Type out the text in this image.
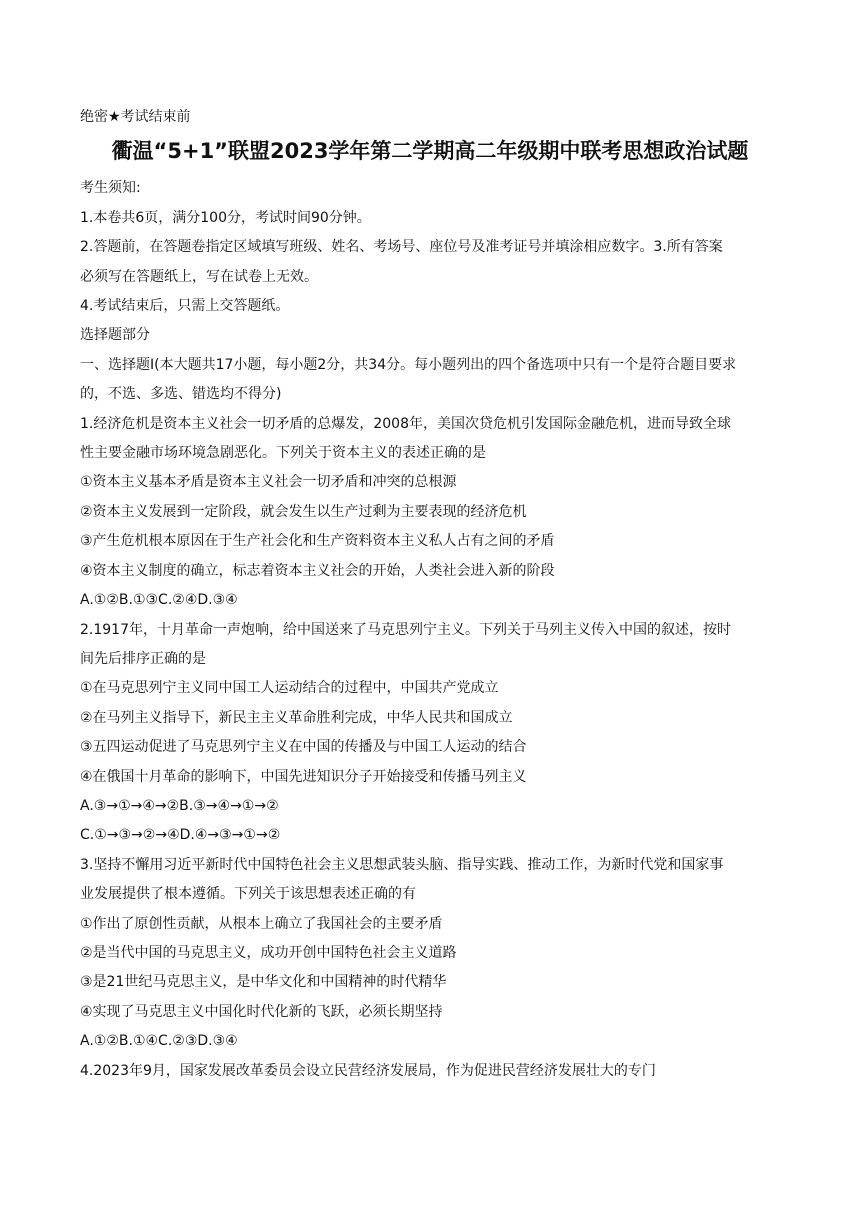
绝密★考试结束前
衢温“5+1”联盟2023学年第二学期高二年级期中联考思想政治试题
考生须知:
1.本卷共6页，满分100分，考试时间90分钟。
2.答题前，在答题卷指定区域填写班级、姓名、考场号、座位号及准考证号并填涂相应数字。3.所有答案
必须写在答题纸上，写在试卷上无效。
4.考试结束后，只需上交答题纸。
选择题部分
一、选择题I(本大题共17小题，每小题2分，共34分。每小题列出的四个备选项中只有一个是符合题目要求
的，不选、多选、错选均不得分)
1.经济危机是资本主义社会一切矛盾的总爆发，2008年，美国次贷危机引发国际金融危机，进而导致全球
性主要金融市场环境急剧恶化。下列关于资本主义的表述正确的是
①资本主义基本矛盾是资本主义社会一切矛盾和冲突的总根源
②资本主义发展到一定阶段，就会发生以生产过剩为主要表现的经济危机
③产生危机根本原因在于生产社会化和生产资料资本主义私人占有之间的矛盾
④资本主义制度的确立，标志着资本主义社会的开始，人类社会进入新的阶段
A.①②B.①③C.②④D.③④
2.1917年，十月革命一声炮响，给中国送来了马克思列宁主义。下列关于马列主义传入中国的叙述，按时
间先后排序正确的是
①在马克思列宁主义同中国工人运动结合的过程中，中国共产党成立
②在马列主义指导下，新民主主义革命胜利完成，中华人民共和国成立
③五四运动促进了马克思列宁主义在中国的传播及与中国工人运动的结合
④在俄国十月革命的影响下，中国先进知识分子开始接受和传播马列主义
A.③→①→④→②B.③→④→①→②
C.①→③→②→④D.④→③→①→②
3.坚持不懈用习近平新时代中国特色社会主义思想武装头脑、指导实践、推动工作，为新时代党和国家事
业发展提供了根本遵循。下列关于该思想表述正确的有
①作出了原创性贡献，从根本上确立了我国社会的主要矛盾
②是当代中国的马克思主义，成功开创中国特色社会主义道路
③是21世纪马克思主义，是中华文化和中国精神的时代精华
④实现了马克思主义中国化时代化新的飞跃，必须长期坚持
A.①②B.①④C.②③D.③④
4.2023年9月，国家发展改革委员会设立民营经济发展局，作为促进民营经济发展壮大的专门
